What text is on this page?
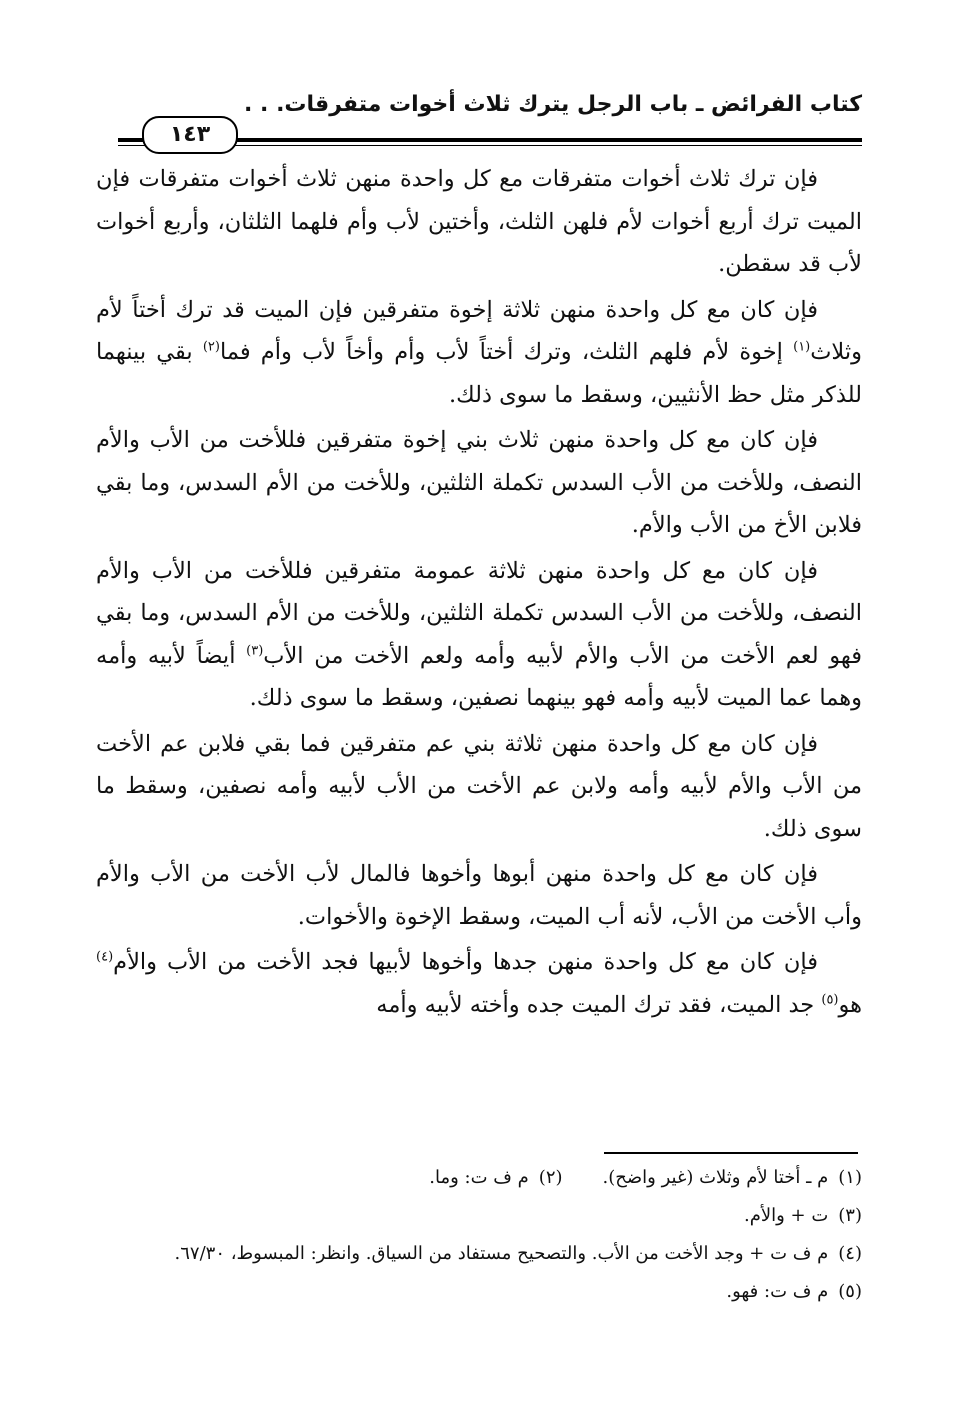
كتاب الفرائض ـ باب الرجل يترك ثلاث أخوات متفرقات. . .
١٤٣

فإن ترك ثلاث أخوات متفرقات مع كل واحدة منهن ثلاث أخوات متفرقات فإن الميت ترك أربع أخوات لأم فلهن الثلث، وأختين لأب وأم فلهما الثلثان، وأربع أخوات لأب قد سقطن.

فإن كان مع كل واحدة منهن ثلاثة إخوة متفرقين فإن الميت قد ترك أختاً لأم وثلاث$^{(١)}$ إخوة لأم فلهم الثلث، وترك أختاً لأب وأم وأخاً لأب وأم فما$^{(٢)}$ بقي بينهما للذكر مثل حظ الأنثيين، وسقط ما سوى ذلك.

فإن كان مع كل واحدة منهن ثلاث بني إخوة متفرقين فللأخت من الأب والأم النصف، وللأخت من الأب السدس تكملة الثلثين، وللأخت من الأم السدس، وما بقي فلابن الأخ من الأب والأم.

فإن كان مع كل واحدة منهن ثلاثة عمومة متفرقين فللأخت من الأب والأم النصف، وللأخت من الأب السدس تكملة الثلثين، وللأخت من الأم السدس، وما بقي فهو لعم الأخت من الأب والأم لأبيه وأمه ولعم الأخت من الأب$^{(٣)}$ أيضاً لأبيه وأمه وهما عما الميت لأبيه وأمه فهو بينهما نصفين، وسقط ما سوى ذلك.

فإن كان مع كل واحدة منهن ثلاثة بني عم متفرقين فما بقي فلابن عم الأخت من الأب والأم لأبيه وأمه ولابن عم الأخت من الأب لأبيه وأمه نصفين، وسقط ما سوى ذلك.

فإن كان مع كل واحدة منهن أبوها وأخوها فالمال لأب الأخت من الأب والأم وأب الأخت من الأب، لأنه أب الميت، وسقط الإخوة والأخوات.

فإن كان مع كل واحدة منهن جدها وأخوها لأبيها فجد الأخت من الأب والأم$^{(٤)}$ هو$^{(٥)}$ جد الميت، فقد ترك الميت جده وأخته لأبيه وأمه

(١)م ـ أختا لأم وثلاث (غير واضح).(٢)م ف ت: وما.
(٣)ت + والأم.
(٤)م ف ت + وجد الأخت من الأب. والتصحيح مستفاد من السياق. وانظر: المبسوط، ٦٧/٣٠.
(٥)م ف ت: فهو.
